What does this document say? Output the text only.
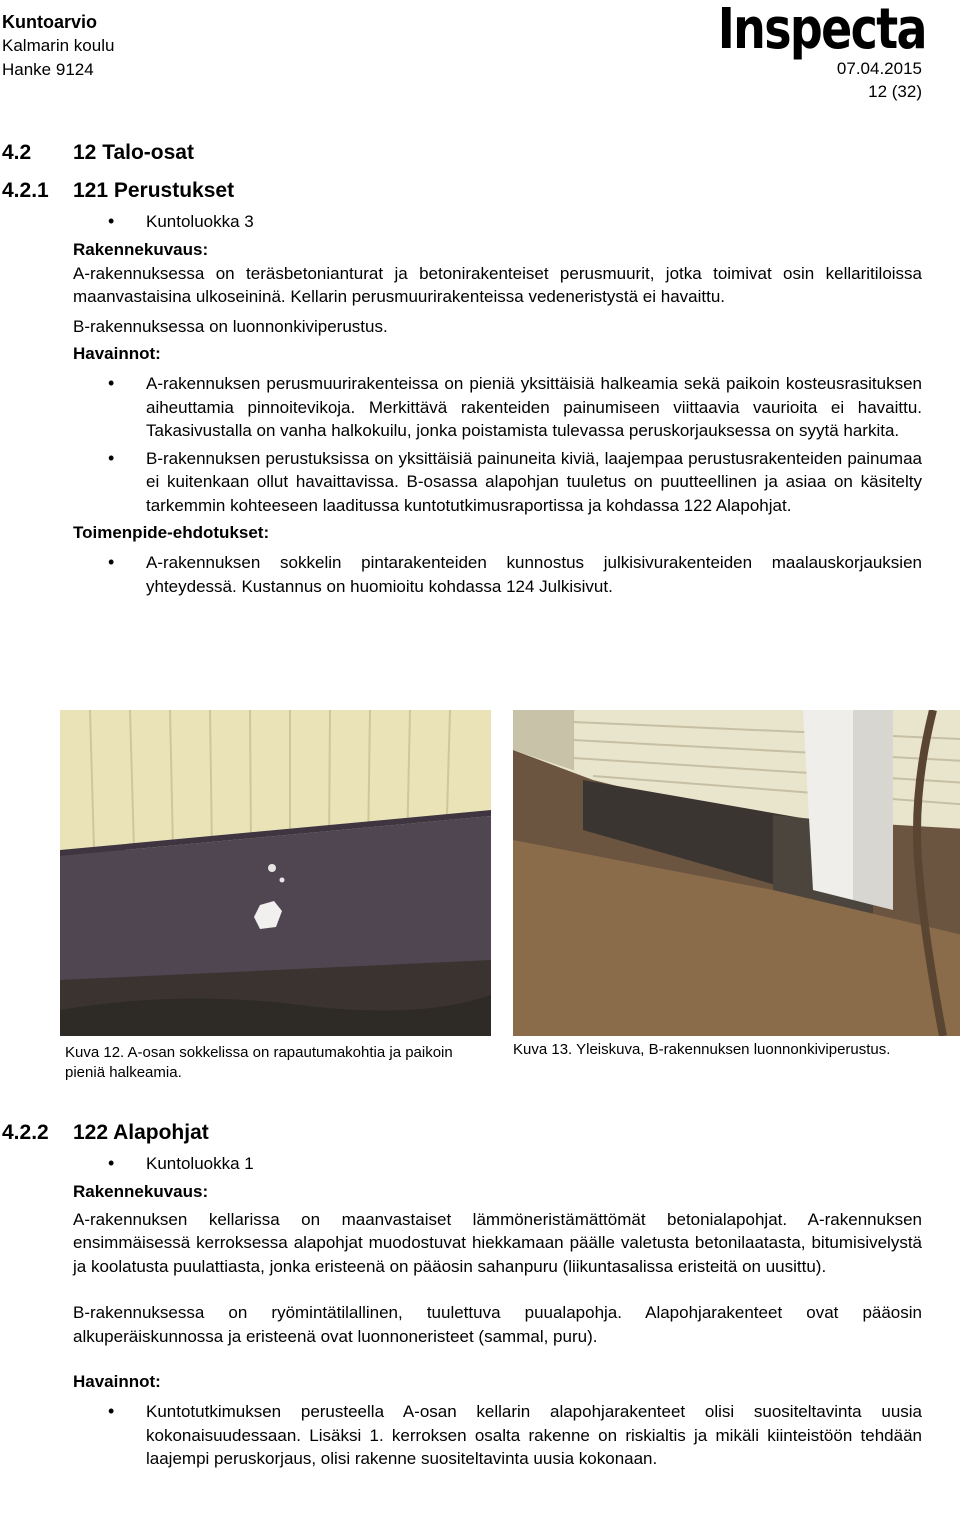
Kuntoarvio
Kalmarin koulu
Hanke 9124
Inspecta
07.04.2015
12 (32)
4.2 12 Talo-osat
4.2.1 121 Perustukset
• Kuntoluokka 3
Rakennekuvaus:
A-rakennuksessa on teräsbetonianturat ja betonirakenteiset perusmuurit, jotka toimivat osin kellaritiloissa maanvastaisina ulkoseininä. Kellarin perusmuurirakenteissa vedeneristystä ei havaittu.
B-rakennuksessa on luonnonkiviperustus.
Havainnot:
• A-rakennuksen perusmuurirakenteissa on pieniä yksittäisiä halkeamia sekä paikoin kosteusrasituksen aiheuttamia pinnoitevikoja. Merkittävä rakenteiden painumiseen viittaavia vaurioita ei havaittu. Takasivustalla on vanha halkokuilu, jonka poistamista tulevassa peruskorjauksessa on syytä harkita.
• B-rakennuksen perustuksissa on yksittäisiä painuneita kiviä, laajempaa perustusrakenteiden painumaa ei kuitenkaan ollut havaittavissa. B-osassa alapohjan tuuletus on puutteellinen ja asiaa on käsitelty tarkemmin kohteeseen laaditussa kuntotutkimusraportissa ja kohdassa 122 Alapohjat.
Toimenpide-ehdotukset:
• A-rakennuksen sokkelin pintarakenteiden kunnostus julkisivurakenteiden maalauskorjauksien yhteydessä. Kustannus on huomioitu kohdassa 124 Julkisivut.
Kuva 12. A-osan sokkelissa on rapautumakohtia ja paikoin pieniä halkeamia.
Kuva 13. Yleiskuva, B-rakennuksen luonnonkiviperustus.
4.2.2 122 Alapohjat
• Kuntoluokka 1
Rakennekuvaus:
A-rakennuksen kellarissa on maanvastaiset lämmöneristämättömät betonialapohjat. A-rakennuksen ensimmäisessä kerroksessa alapohjat muodostuvat hiekkamaan päälle valetusta betonilaatasta, bitumisivelystä ja koolatusta puulattiasta, jonka eristeenä on pääosin sahanpuru (liikuntasalissa eristeitä on uusittu).
B-rakennuksessa on ryömintätilallinen, tuulettuva puualapohja. Alapohjarakenteet ovat pääosin alkuperäiskunnossa ja eristeenä ovat luonnoneristeet (sammal, puru).
Havainnot:
• Kuntotutkimuksen perusteella A-osan kellarin alapohjarakenteet olisi suositeltavinta uusia kokonaisuudessaan. Lisäksi 1. kerroksen osalta rakenne on riskialtis ja mikäli kiinteistöön tehdään laajempi peruskorjaus, olisi rakenne suositeltavinta uusia kokonaan.
